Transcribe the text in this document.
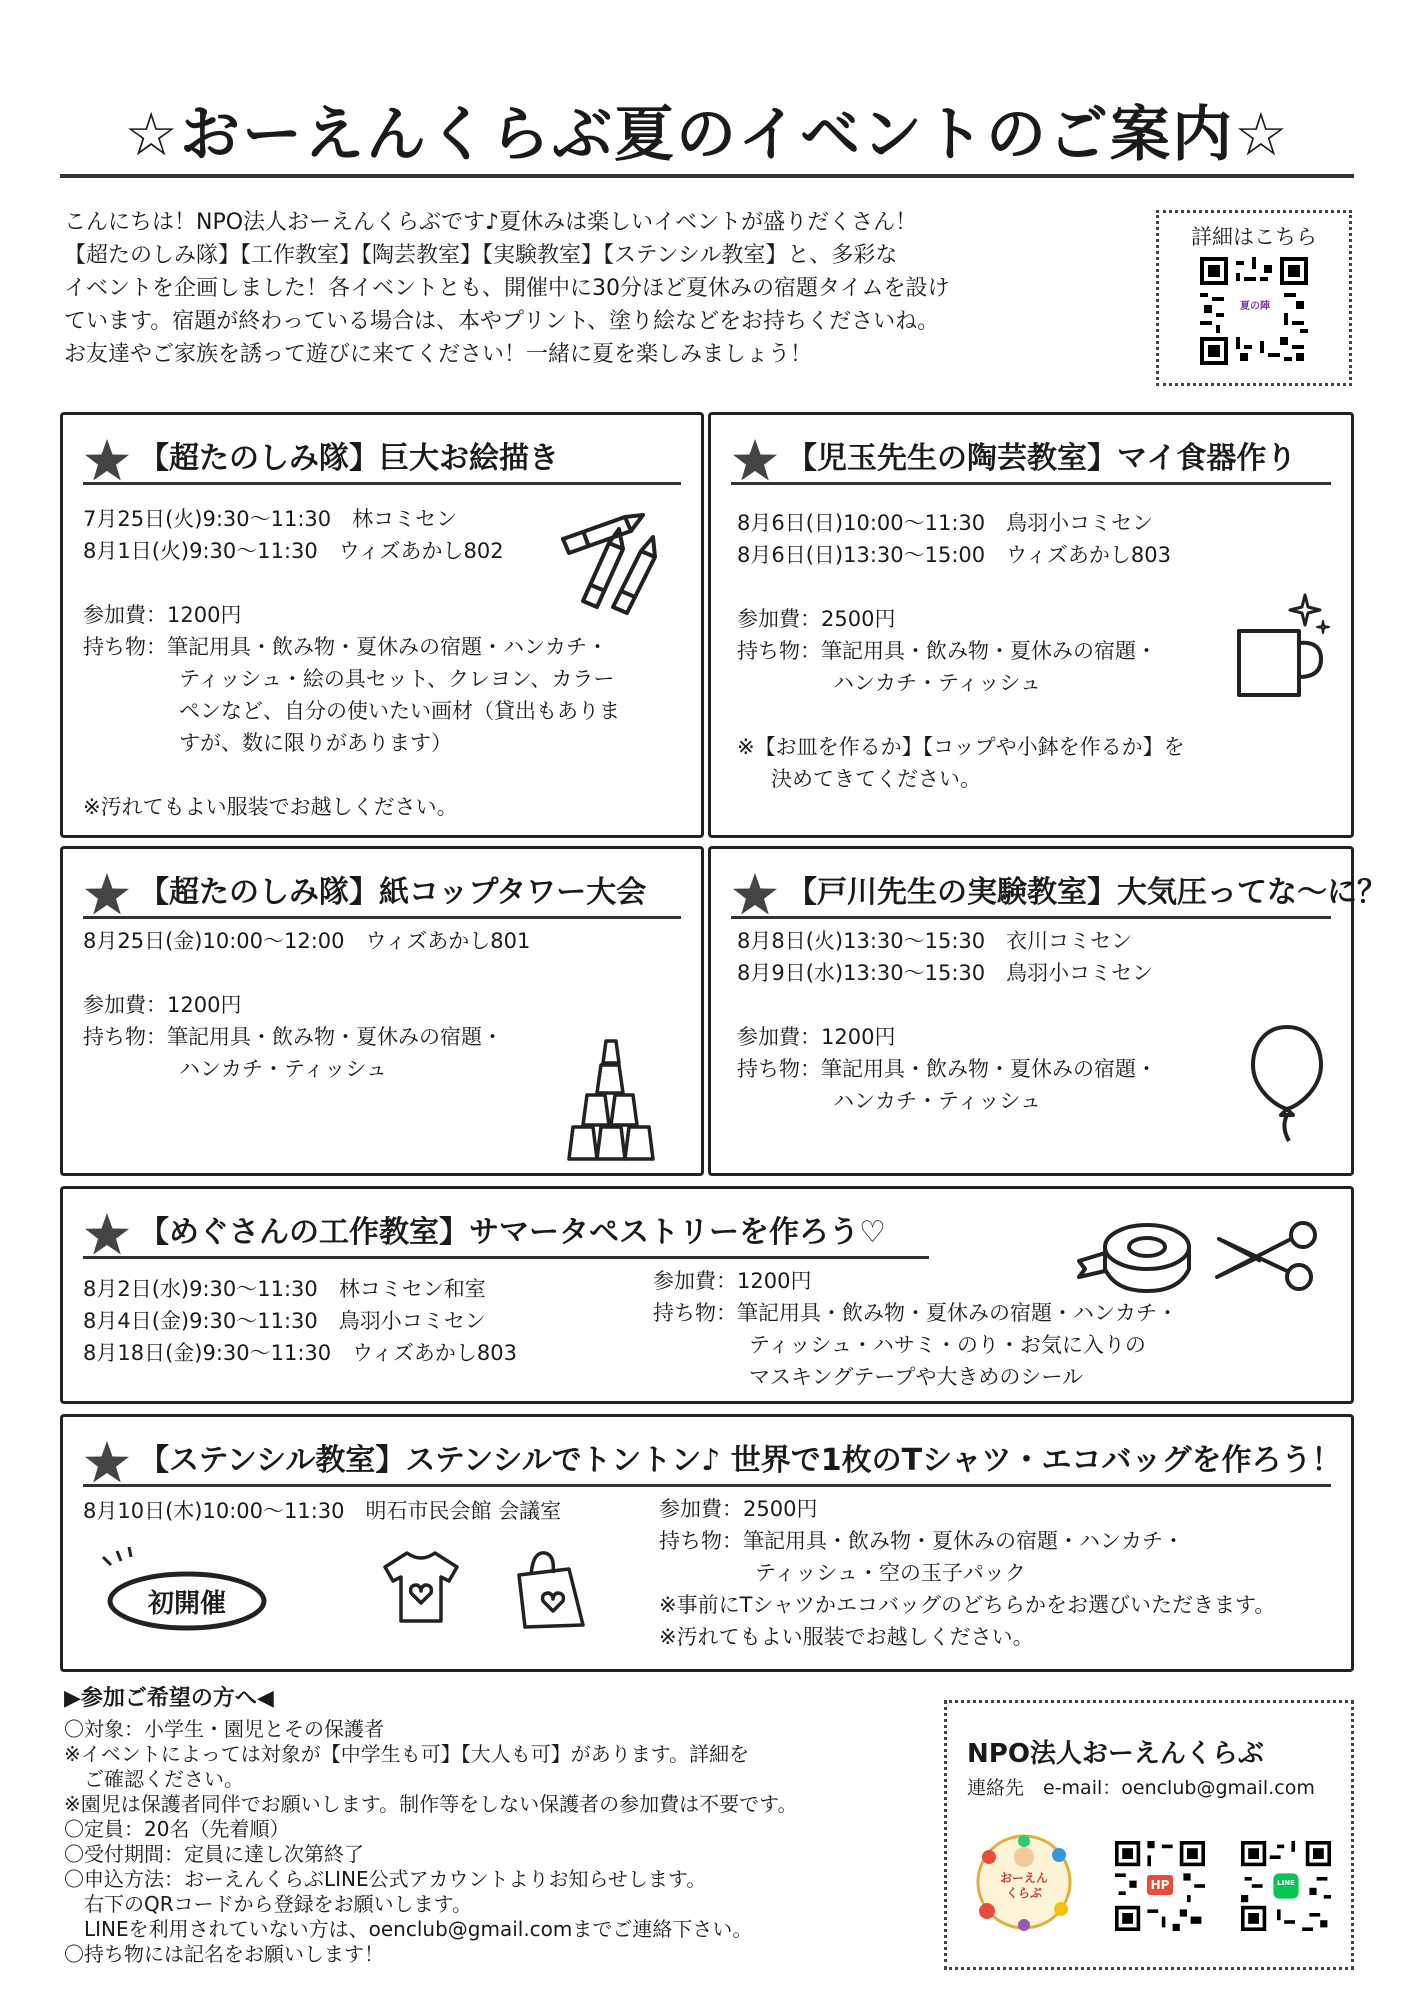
☆おーえんくらぶ夏のイベントのご案内☆

こんにちは！NPO法人おーえんくらぶです♪夏休みは楽しいイベントが盛りだくさん！

【超たのしみ隊】【工作教室】【陶芸教室】【実験教室】【ステンシル教室】と、多彩な

イベントを企画しました！各イベントとも、開催中に30分ほど夏休みの宿題タイムを設け

ています。宿題が終わっている場合は、本やプリント、塗り絵などをお持ちくださいね。

お友達やご家族を誘って遊びに来てください！一緒に夏を楽しみましょう！

詳細はこちら
夏の陣
【超たのしみ隊】巨大お絵描き
7月25日(火)9:30～11:30　林コミセン
8月1日(火)9:30～11:30　ウィズあかし802
参加費：1200円
持ち物：筆記用具・飲み物・夏休みの宿題・ハンカチ・
ティッシュ・絵の具セット、クレヨン、カラー
ペンなど、自分の使いたい画材（貸出もありま
すが、数に限りがあります）
※汚れてもよい服装でお越しください。
【児玉先生の陶芸教室】マイ食器作り
8月6日(日)10:00～11:30　鳥羽小コミセン
8月6日(日)13:30～15:00　ウィズあかし803
参加費：2500円
持ち物：筆記用具・飲み物・夏休みの宿題・
ハンカチ・ティッシュ
※【お皿を作るか】【コップや小鉢を作るか】を
決めてきてください。
【超たのしみ隊】紙コップタワー大会
8月25日(金)10:00～12:00　ウィズあかし801
参加費：1200円
持ち物：筆記用具・飲み物・夏休みの宿題・
ハンカチ・ティッシュ
【戸川先生の実験教室】大気圧ってな〜に？
8月8日(火)13:30～15:30　衣川コミセン
8月9日(水)13:30～15:30　鳥羽小コミセン
参加費：1200円
持ち物：筆記用具・飲み物・夏休みの宿題・
ハンカチ・ティッシュ
【めぐさんの工作教室】サマータペストリーを作ろう♡
8月2日(水)9:30～11:30　林コミセン和室
8月4日(金)9:30～11:30　鳥羽小コミセン
8月18日(金)9:30～11:30　ウィズあかし803
参加費：1200円
持ち物：筆記用具・飲み物・夏休みの宿題・ハンカチ・
ティッシュ・ハサミ・のり・お気に入りの
マスキングテープや大きめのシール
【ステンシル教室】ステンシルでトントン♪ 世界で1枚のTシャツ・エコバッグを作ろう！
8月10日(木)10:00～11:30　明石市民会館 会議室
初開催
参加費：2500円
持ち物：筆記用具・飲み物・夏休みの宿題・ハンカチ・
ティッシュ・空の玉子パック
※事前にTシャツかエコバッグのどちらかをお選びいただきます。
※汚れてもよい服装でお越しください。
▶参加ご希望の方へ◀

〇対象：小学生・園児とその保護者

※イベントによっては対象が【中学生も可】【大人も可】があります。詳細を

　ご確認ください。

※園児は保護者同伴でお願いします。制作等をしない保護者の参加費は不要です。

〇定員：20名（先着順）

〇受付期間：定員に達し次第終了

〇申込方法：おーえんくらぶLINE公式アカウントよりお知らせします。

　右下のQRコードから登録をお願いします。

　LINEを利用されていない方は、oenclub@gmail.comまでご連絡下さい。

〇持ち物には記名をお願いします！

NPO法人おーえんくらぶ
連絡先　e-mail：oenclub@gmail.com
おーえんくらぶ
HP	LINE
